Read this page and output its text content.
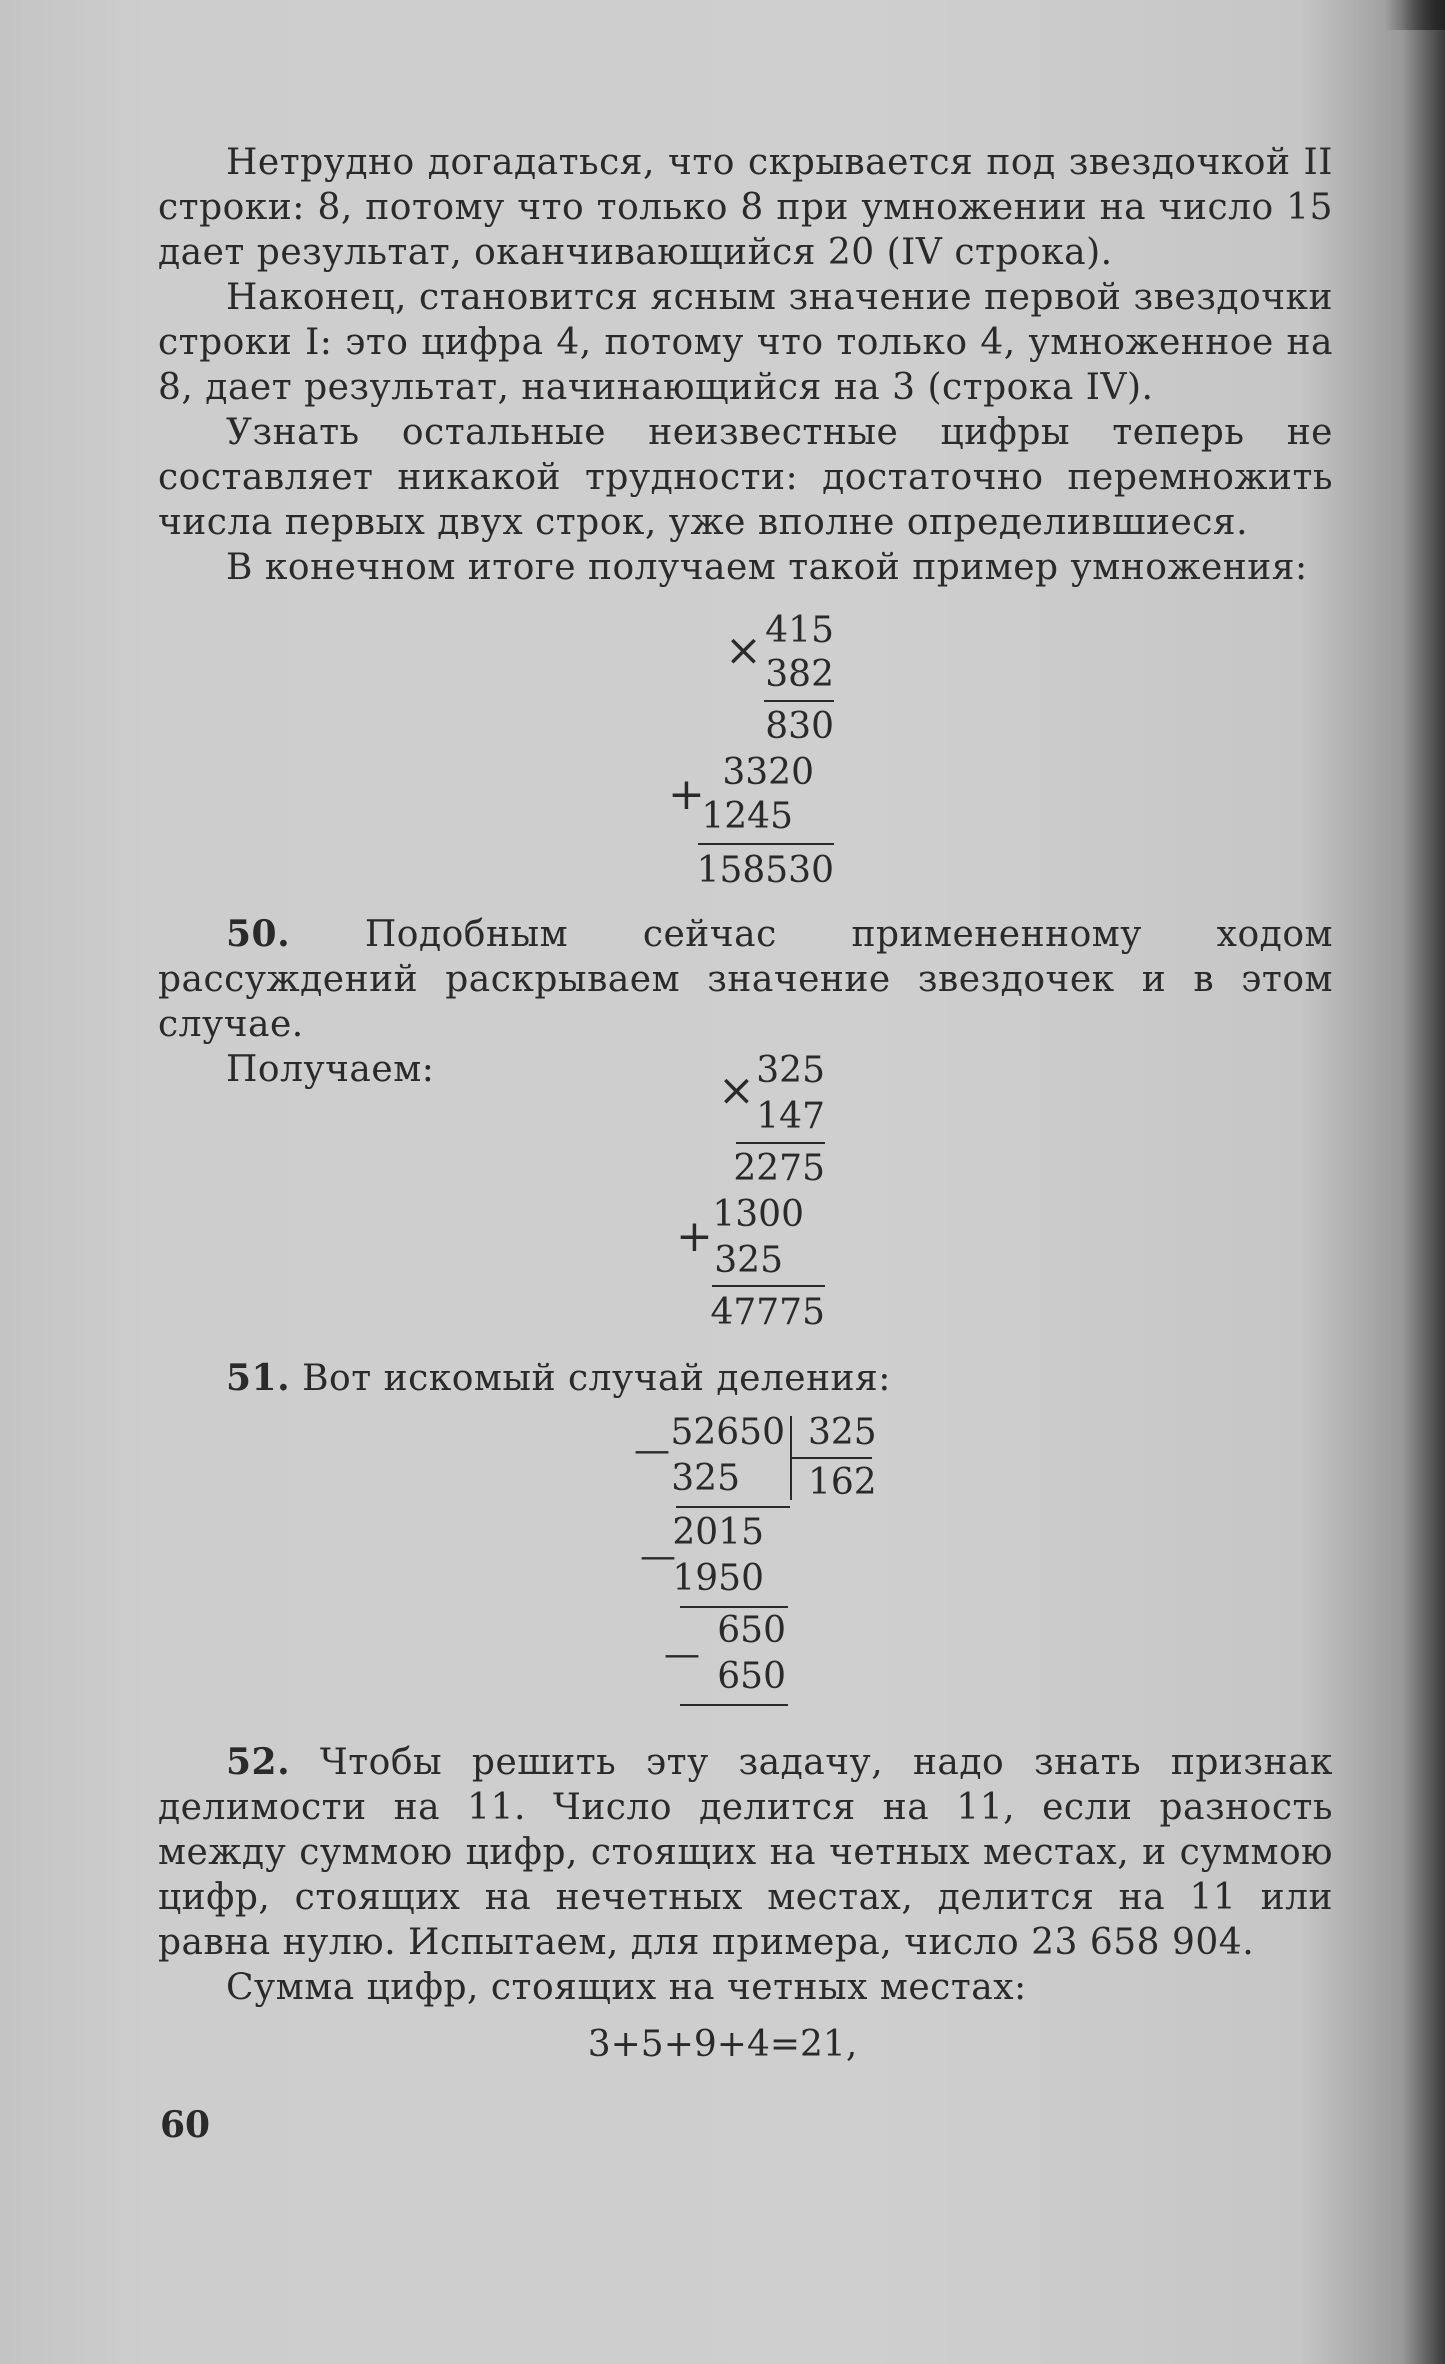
Нетрудно догадаться, что скрывается под звездочкой II строки: 8, потому что только 8 при умножении на число 15 дает результат, оканчивающийся 20 (IV строка).

Наконец, становится ясным значение первой звездочки строки I: это цифра 4, потому что только 4, умноженное на 8, дает результат, начинающийся на 3 (строка IV).

Узнать остальные неизвестные цифры теперь не составляет никакой трудности: достаточно перемножить числа первых двух строк, уже вполне определившиеся.

В конечном итоге получаем такой пример умножения:

× 415
382
830
3320
+
1245
158530

50. Подобным сейчас примененному ходом рассуждений раскрываем значение звездочек и в этом случае.

Получаем:	× 325
147
2275
1300
+ 325
47775

51. Вот искомый случай деления:

— 52650 325
162
325
2015
—
1950
650
—
650

52. Чтобы решить эту задачу, надо знать признак делимости на 11. Число делится на 11, если разность между суммою цифр, стоящих на четных местах, и суммою цифр, стоящих на нечетных местах, делится на 11 или равна нулю. Испытаем, для примера, число 23 658 904.

Сумма цифр, стоящих на четных местах:

3+5+9+4=21,
60
